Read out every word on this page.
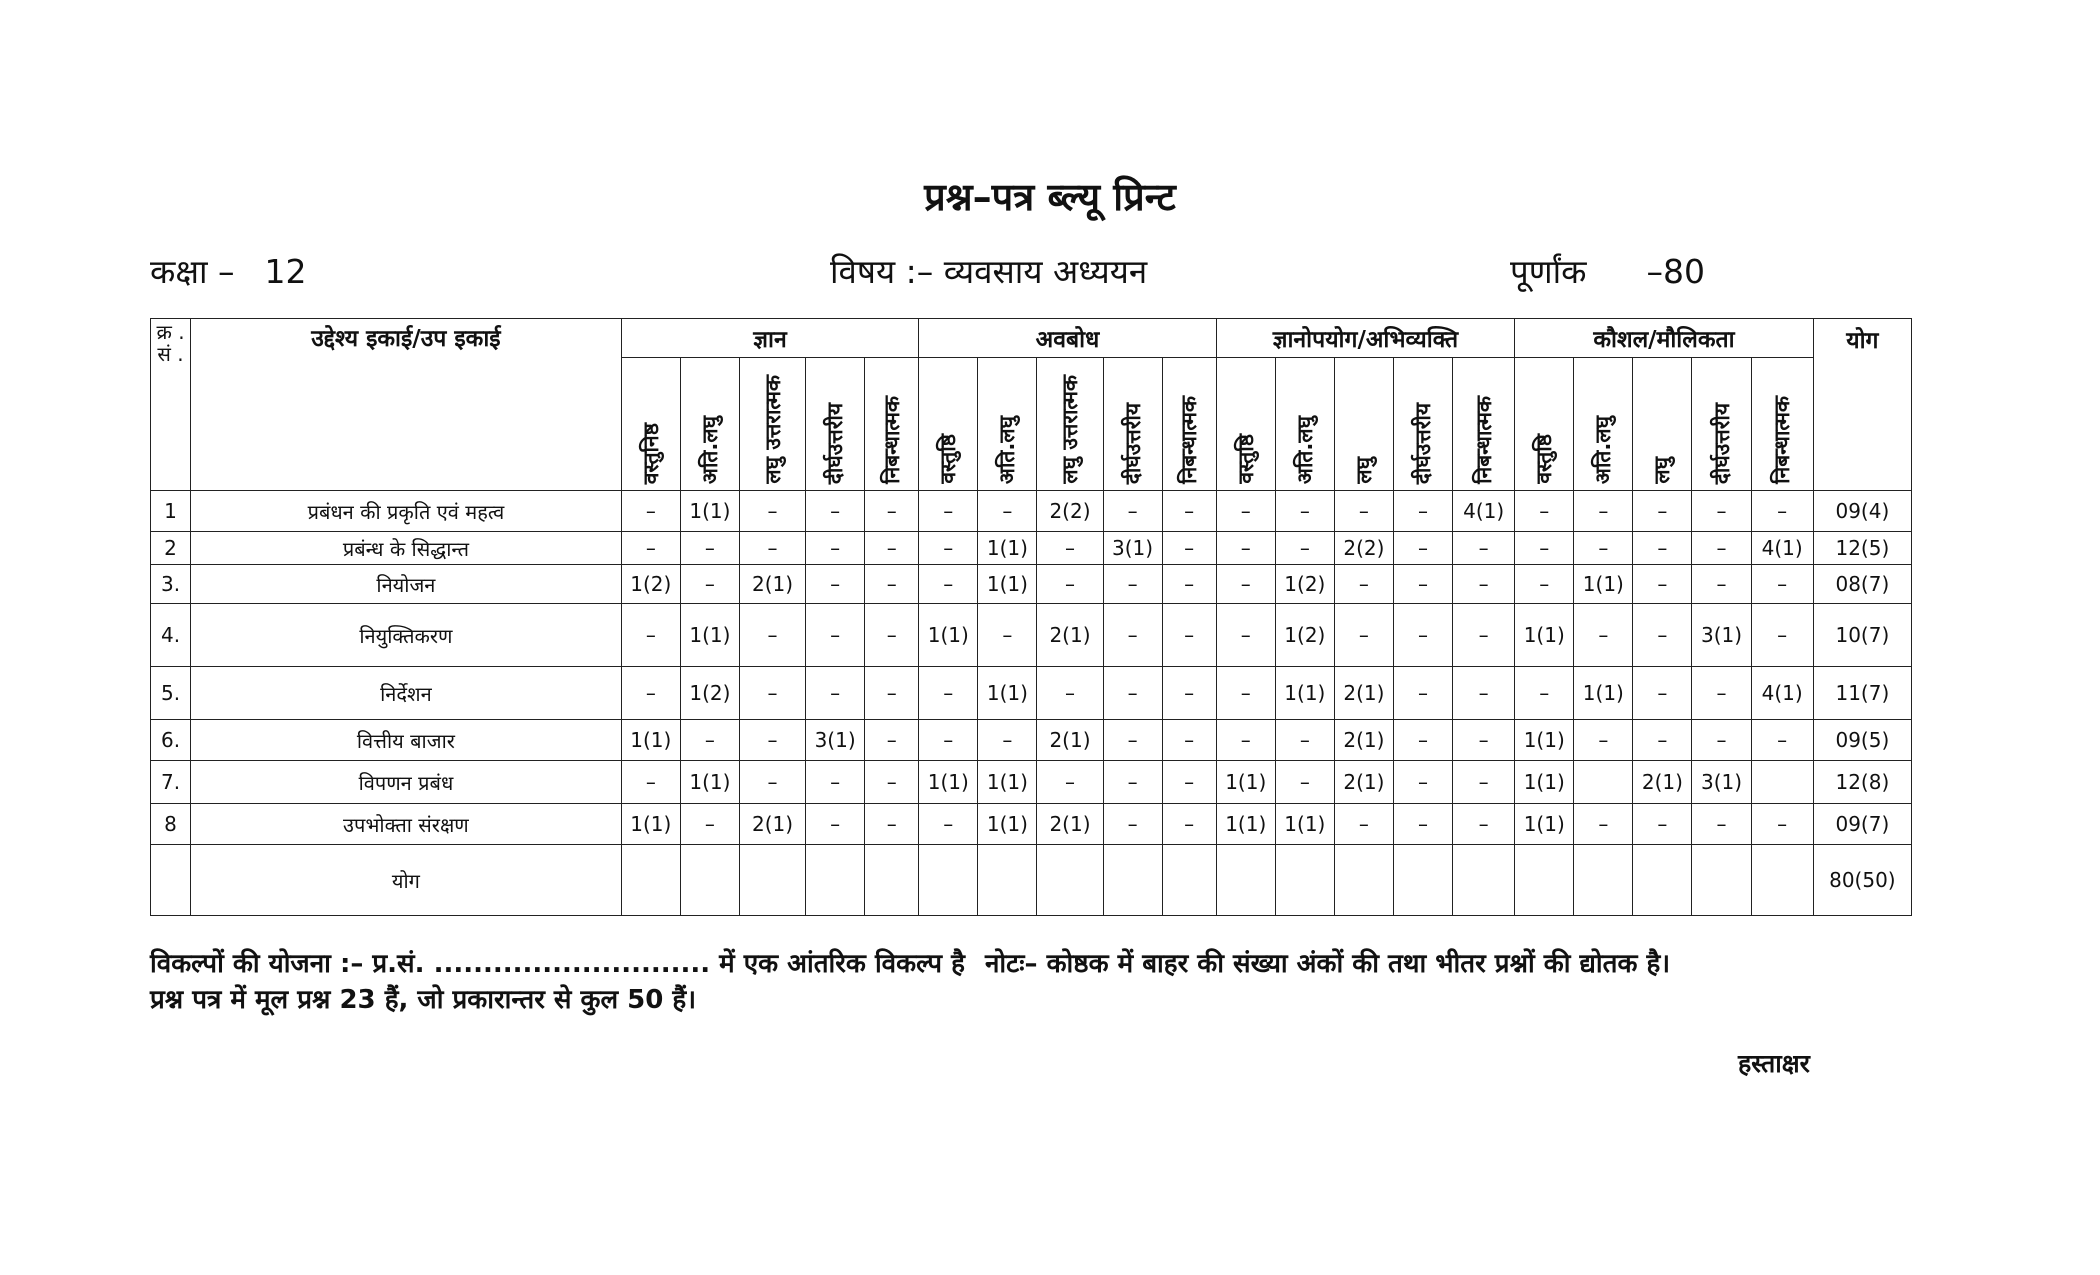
प्रश्न–पत्र ब्ल्यू प्रिन्ट
कक्षा – 12	विषय :– व्यवसाय अध्ययन	पूर्णांक –80
क्र . सं .	उद्देश्य इकाई/उप इकाई	ज्ञान					अवबोध					ज्ञानोपयोग/अभिव्यक्ति					कौशल/मौलिकता					योग

		वस्तुनिष्ठ	अति.लघु	लघु उत्तरात्मक	दीर्घउत्तरीय	निबन्धात्मक	वस्तुष्ठि	अति.लघु	लघु उत्तरात्मक	दीर्घउत्तरीय	निबन्धात्मक	वस्तुष्ठि	अति.लघु	लघु	दीर्घउत्तरीय	निबन्धात्मक	वस्तुष्ठि	अति.लघु	लघु	दीर्घउत्तरीय	निबन्धात्मक	

1	प्रबंधन की प्रकृति एवं महत्व	–	1(1)	–	–	–	–	–	2(2)	–	–	–	–	–	–	4(1)	–	–	–	–	–	09(4)
2	प्रबंन्ध के सिद्धान्त	–	–	–	–	–	–	1(1)	–	3(1)	–	–	–	2(2)	–	–	–	–	–	–	4(1)	12(5)
3.	नियोजन	1(2)	–	2(1)	–	–	–	1(1)	–	–	–	–	1(2)	–	–	–	–	1(1)	–	–	–	08(7)
4.	नियुक्तिकरण	–	1(1)	–	–	–	1(1)	–	2(1)	–	–	–	1(2)	–	–	–	1(1)	–	–	3(1)	–	10(7)
5.	निर्देशन	–	1(2)	–	–	–	–	1(1)	–	–	–	–	1(1)	2(1)	–	–	–	1(1)	–	–	4(1)	11(7)
6.	वित्तीय बाजार	1(1)	–	–	3(1)	–	–	–	2(1)	–	–	–	–	2(1)	–	–	1(1)	–	–	–	–	09(5)
7.	विपणन प्रबंध	–	1(1)	–	–	–	1(1)	1(1)	–	–	–	1(1)	–	2(1)	–	–	1(1)		2(1)	3(1)		12(8)
8	उपभोक्ता संरक्षण	1(1)	–	2(1)	–	–	–	1(1)	2(1)	–	–	1(1)	1(1)	–	–	–	1(1)	–	–	–	–	09(7)
	योग																					80(50)
विकल्पों की योजना :– प्र.सं. ............................ में एक आंतरिक विकल्प है नोटः– कोष्ठक में बाहर की संख्या अंकों की तथा भीतर प्रश्नों की द्योतक है।
प्रश्न पत्र में मूल प्रश्न 23 हैं, जो प्रकारान्तर से कुल 50 हैं।
हस्ताक्षर
